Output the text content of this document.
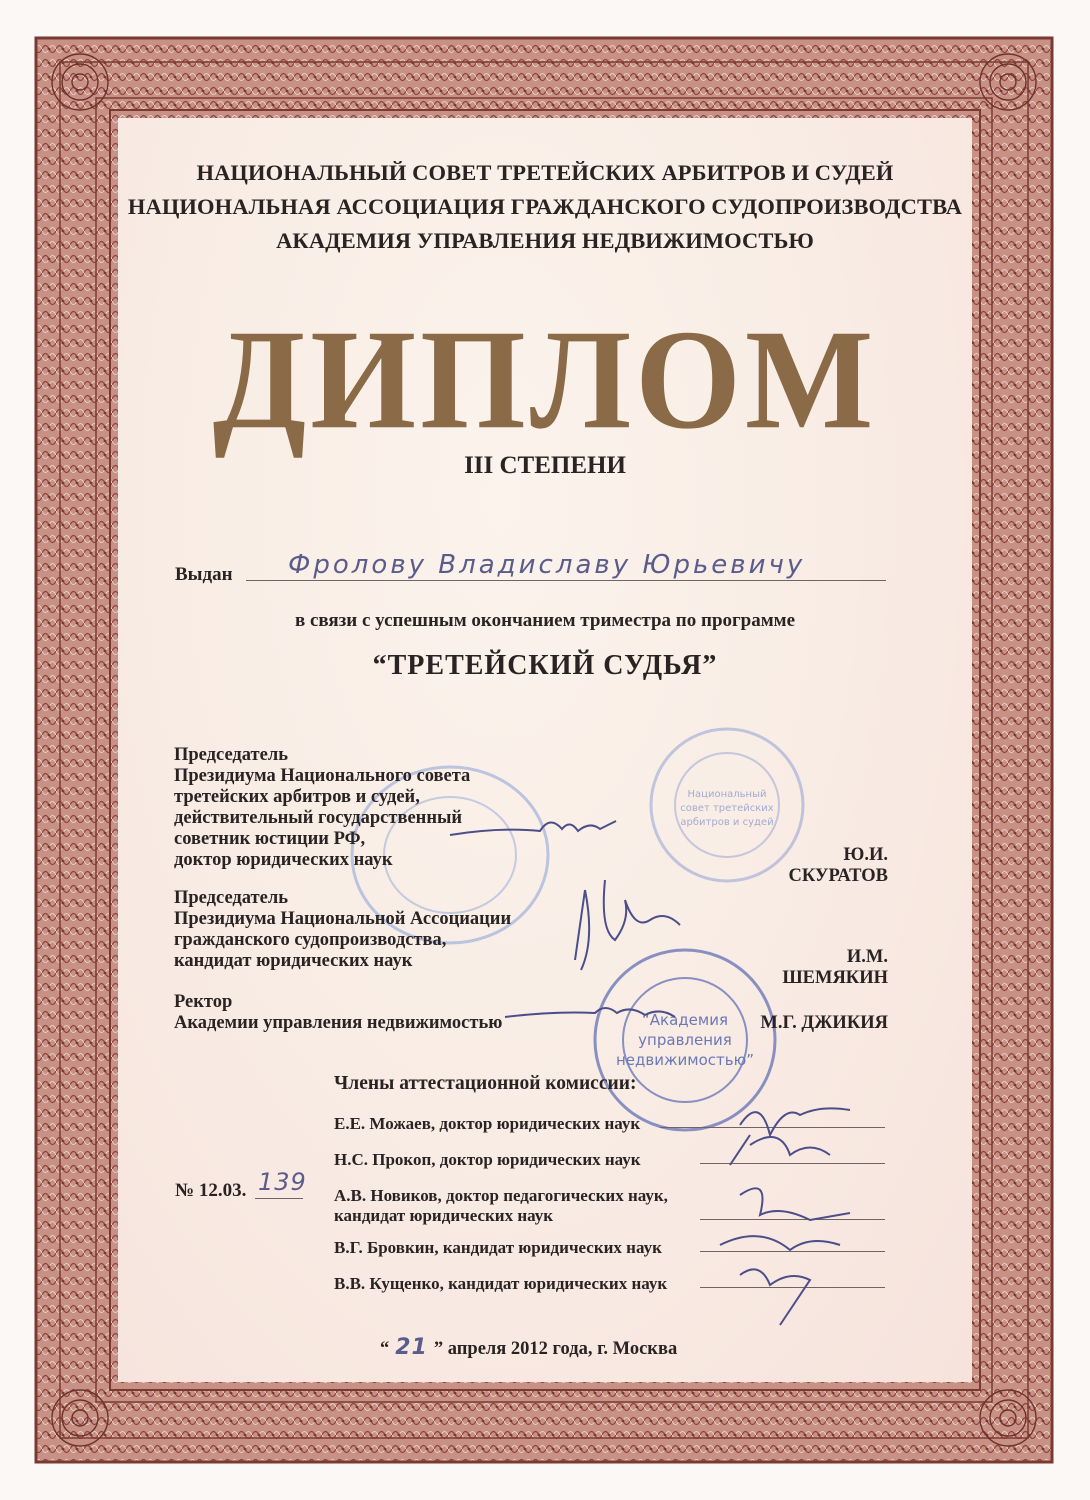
НАЦИОНАЛЬНЫЙ СОВЕТ ТРЕТЕЙСКИХ АРБИТРОВ И СУДЕЙ
НАЦИОНАЛЬНАЯ АССОЦИАЦИЯ ГРАЖДАНСКОГО СУДОПРОИЗВОДСТВА
АКАДЕМИЯ УПРАВЛЕНИЯ НЕДВИЖИМОСТЬЮ
ДИПЛОМ
III СТЕПЕНИ
Выдан Фролову Владиславу Юрьевичу
в связи с успешным окончанием триместра по программе
“ТРЕТЕЙСКИЙ СУДЬЯ”
Национальный
совет третейских
арбитров и судей
“Академия
управления
недвижимостью”
Председатель
Президиума Национального совета
третейских арбитров и судей,
действительный государственный
советник юстиции РФ,
доктор юридических наук	Ю.И. СКУРАТОВ
Председатель
Президиума Национальной Ассоциации
гражданского судопроизводства,
кандидат юридических наук	И.М. ШЕМЯКИН
Ректор
Академии управления недвижимостью	М.Г. ДЖИКИЯ
Члены аттестационной комиссии:
Е.Е. Можаев, доктор юридических наук
Н.С. Прокоп, доктор юридических наук
А.В. Новиков, доктор педагогических наук,
кандидат юридических наук
В.Г. Бровкин, кандидат юридических наук
В.В. Кущенко, кандидат юридических наук
№ 12.03. 139
“ 21 ” апреля 2012 года, г. Москва
